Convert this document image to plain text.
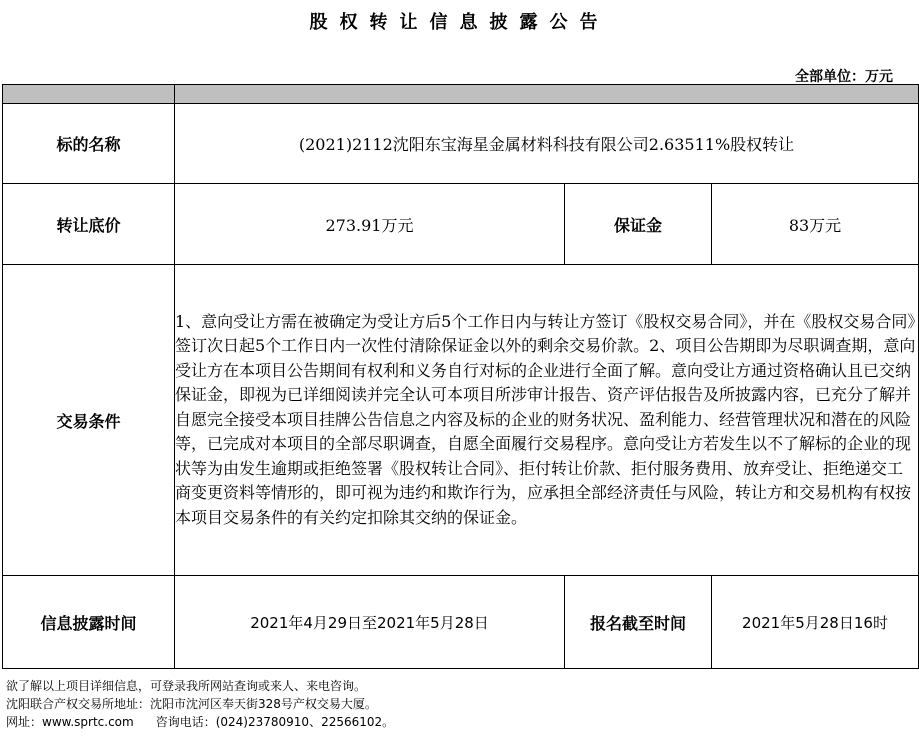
股权转让信息披露公告
全部单位：万元

标的名称	(2021)2112沈阳东宝海星金属材料科技有限公司2.63511%股权转让		
转让底价	273.91万元	保证金	83万元
交易条件	1、意向受让方需在被确定为受让方后5个工作日内与转让方签订《股权交易合同》，并在《股权交易合同》签订次日起5个工作日内一次性付清除保证金以外的剩余交易价款。2、项目公告期即为尽职调查期，意向受让方在本项目公告期间有权利和义务自行对标的企业进行全面了解。意向受让方通过资格确认且已交纳保证金，即视为已详细阅读并完全认可本项目所涉审计报告、资产评估报告及所披露内容，已充分了解并自愿完全接受本项目挂牌公告信息之内容及标的企业的财务状况、盈利能力、经营管理状况和潜在的风险等，已完成对本项目的全部尽职调查，自愿全面履行交易程序。意向受让方若发生以不了解标的企业的现状等为由发生逾期或拒绝签署《股权转让合同》、拒付转让价款、拒付服务费用、放弃受让、拒绝递交工商变更资料等情形的，即可视为违约和欺诈行为，应承担全部经济责任与风险，转让方和交易机构有权按本项目交易条件的有关约定扣除其交纳的保证金。		
信息披露时间	2021年4月29日至2021年5月28日	报名截至时间	2021年5月28日16时
欲了解以上项目详细信息，可登录我所网站查询或来人、来电咨询。
沈阳联合产权交易所地址：沈阳市沈河区奉天街328号产权交易大厦。
网址：www.sprtc.com 咨询电话：(024)23780910、22566102。
